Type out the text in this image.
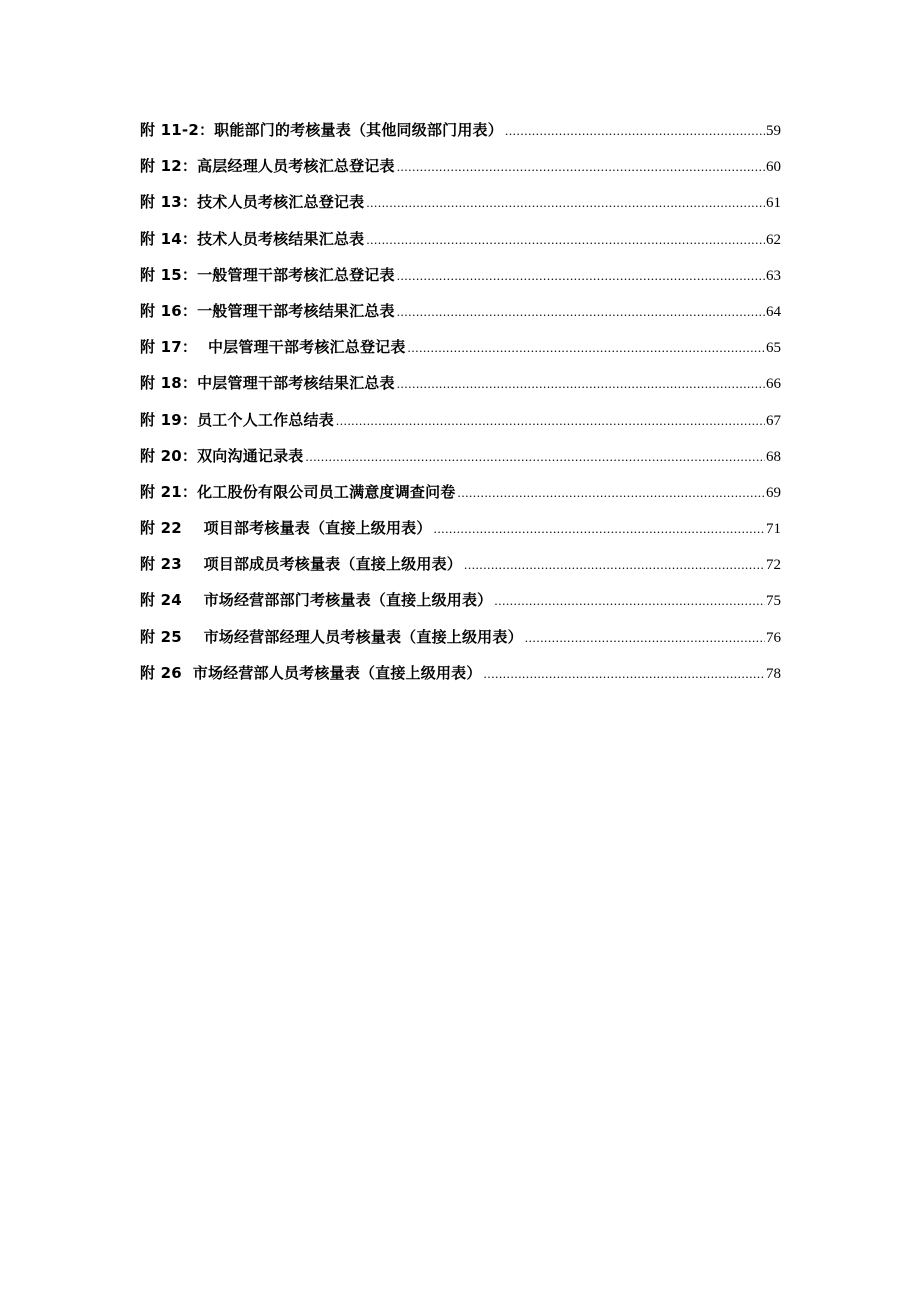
附 11-2：职能部门的考核量表（其他同级部门用表） .....	59
附 12：高层经理人员考核汇总登记表 .....	60
附 13：技术人员考核汇总登记表 .....	61
附 14：技术人员考核结果汇总表 .....	62
附 15：一般管理干部考核汇总登记表 .....	63
附 16：一般管理干部考核结果汇总表 .....	64
附 17：  中层管理干部考核汇总登记表 .....	65
附 18：中层管理干部考核结果汇总表 .....	66
附 19：员工个人工作总结表 .....	67
附 20：双向沟通记录表 .....	68
附 21：化工股份有限公司员工满意度调查问卷 .....	69
附 22    项目部考核量表（直接上级用表） .....	71
附 23    项目部成员考核量表（直接上级用表） .....	72
附 24    市场经营部部门考核量表（直接上级用表） .....	75
附 25    市场经营部经理人员考核量表（直接上级用表） .....	76
附 26  市场经营部人员考核量表（直接上级用表） .....	78
